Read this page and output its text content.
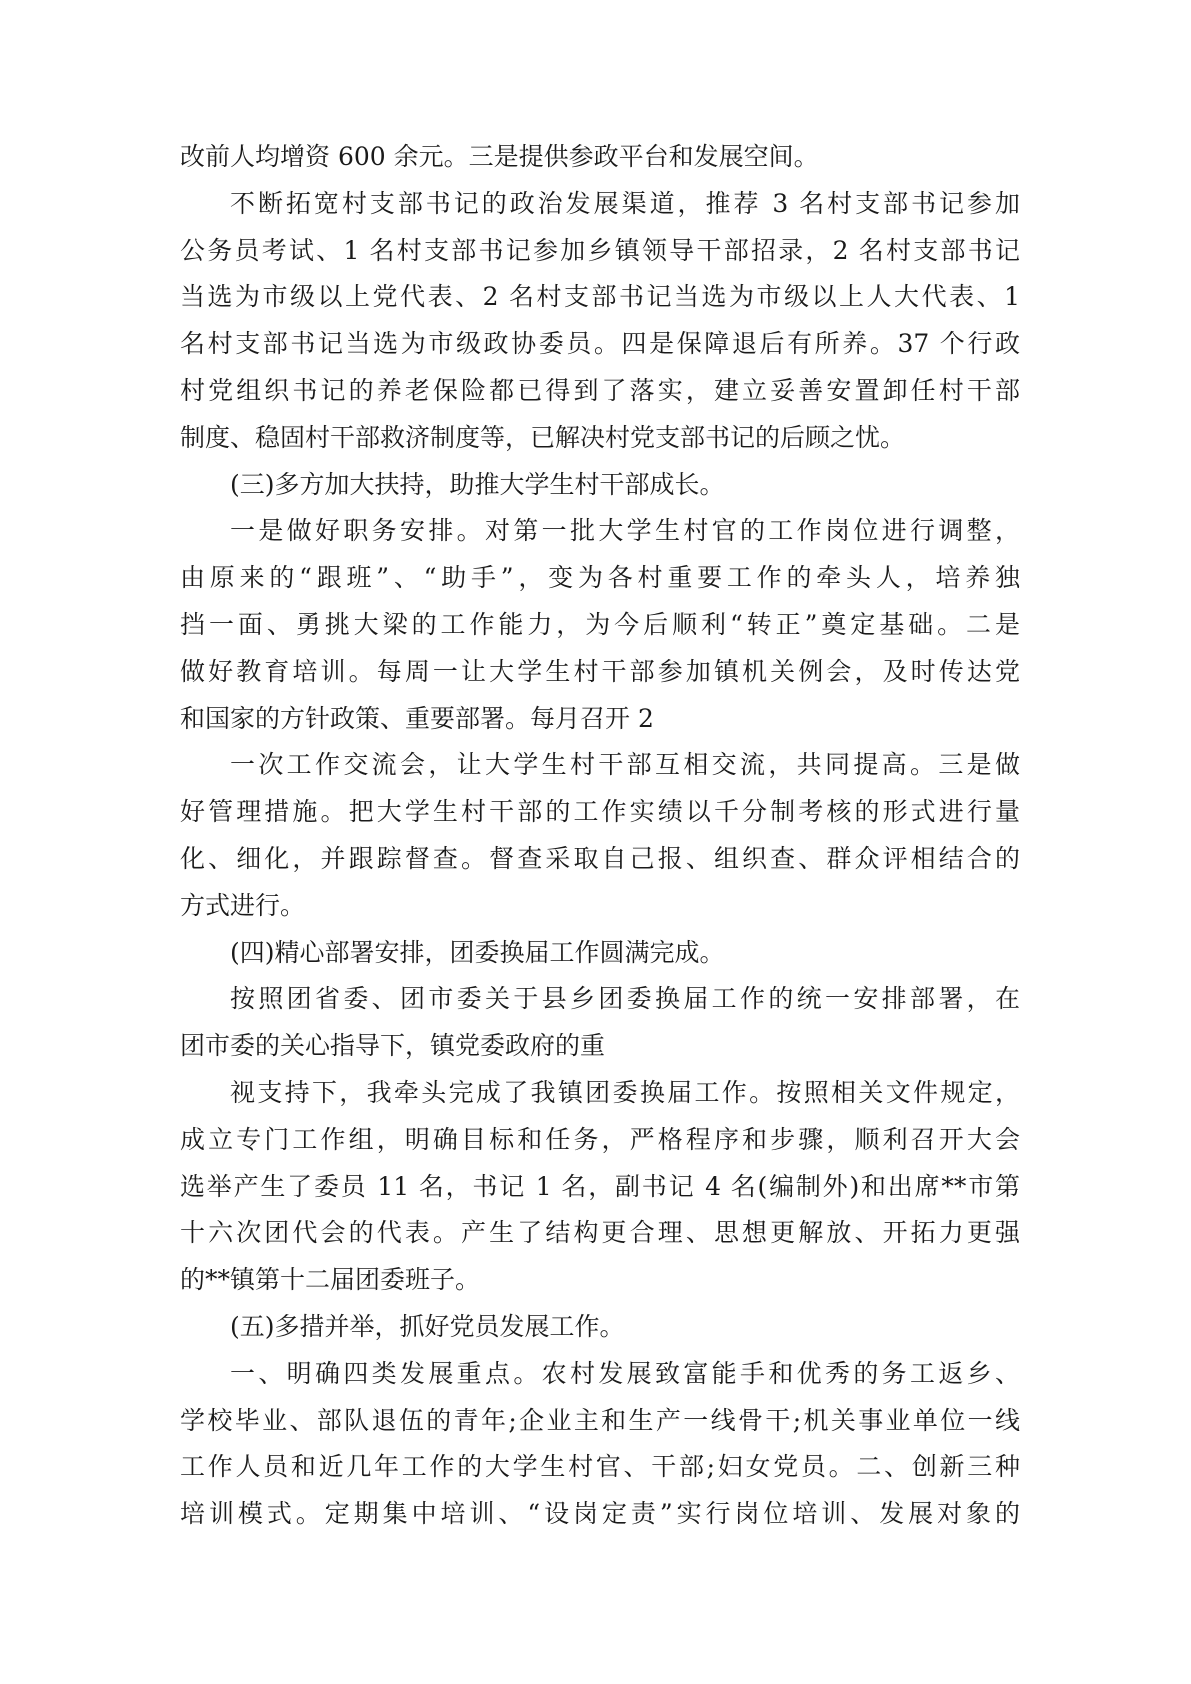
改前人均增资 600 余元。三是提供参政平台和发展空间。
不断拓宽村支部书记的政治发展渠道，推荐 3 名村支部书记参加
公务员考试、1 名村支部书记参加乡镇领导干部招录，2 名村支部书记
当选为市级以上党代表、2 名村支部书记当选为市级以上人大代表、1
名村支部书记当选为市级政协委员。四是保障退后有所养。37 个行政
村党组织书记的养老保险都已得到了落实，建立妥善安置卸任村干部
制度、稳固村干部救济制度等，已解决村党支部书记的后顾之忧。
(三)多方加大扶持，助推大学生村干部成长。
一是做好职务安排。对第一批大学生村官的工作岗位进行调整，
由原来的“跟班”、“助手”，变为各村重要工作的牵头人，培养独
挡一面、勇挑大梁的工作能力，为今后顺利“转正”奠定基础。二是
做好教育培训。每周一让大学生村干部参加镇机关例会，及时传达党
和国家的方针政策、重要部署。每月召开 2
一次工作交流会，让大学生村干部互相交流，共同提高。三是做
好管理措施。把大学生村干部的工作实绩以千分制考核的形式进行量
化、细化，并跟踪督查。督查采取自己报、组织查、群众评相结合的
方式进行。
(四)精心部署安排，团委换届工作圆满完成。
按照团省委、团市委关于县乡团委换届工作的统一安排部署，在
团市委的关心指导下，镇党委政府的重
视支持下，我牵头完成了我镇团委换届工作。按照相关文件规定，
成立专门工作组，明确目标和任务，严格程序和步骤，顺利召开大会
选举产生了委员 11 名，书记 1 名，副书记 4 名(编制外)和出席**市第
十六次团代会的代表。产生了结构更合理、思想更解放、开拓力更强
的**镇第十二届团委班子。
(五)多措并举，抓好党员发展工作。
一、明确四类发展重点。农村发展致富能手和优秀的务工返乡、
学校毕业、部队退伍的青年;企业主和生产一线骨干;机关事业单位一线
工作人员和近几年工作的大学生村官、干部;妇女党员。二、创新三种
培训模式。定期集中培训、“设岗定责”实行岗位培训、发展对象的
